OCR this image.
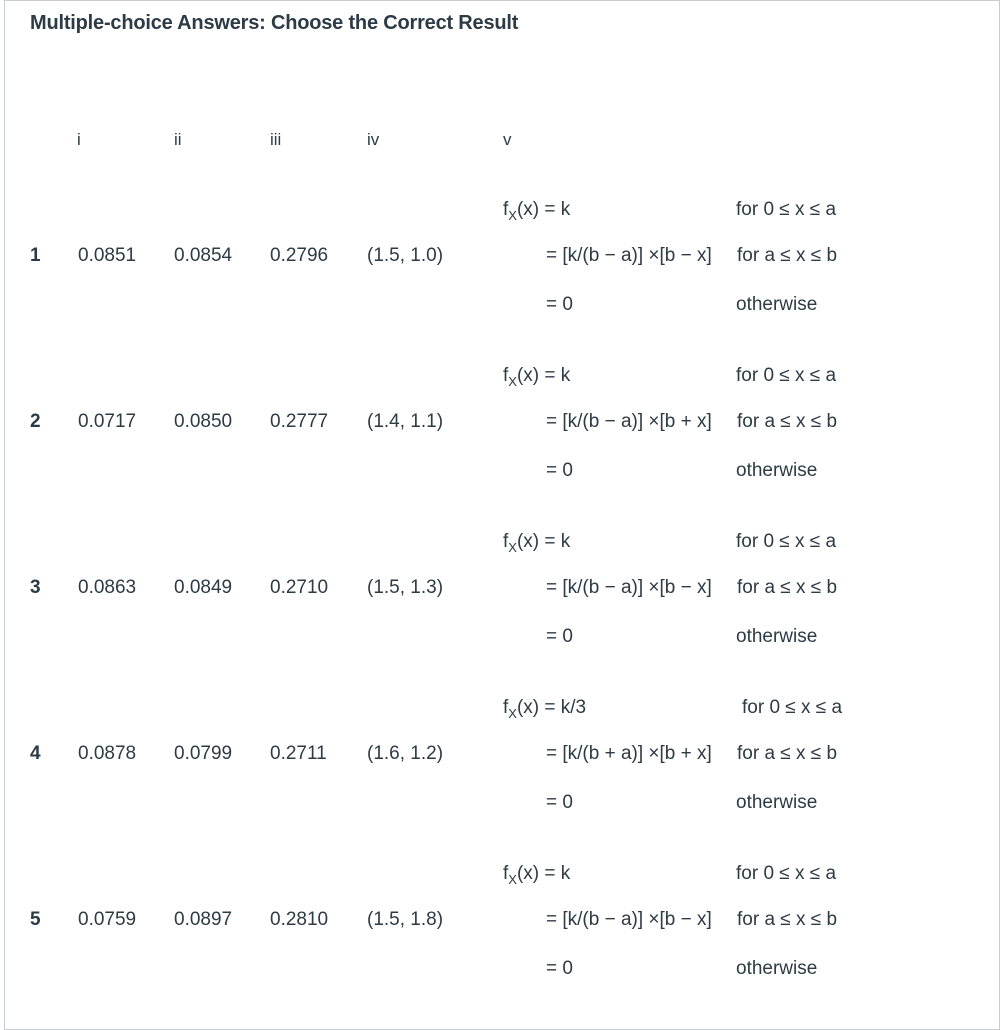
Multiple-choice Answers: Choose the Correct Result
i	ii	iii	iv	v
1 0.0851 0.0854 0.2796 (1.5, 1.0)
$f_X(x) = k$	for 0 ≤ x ≤ a
= [k/(b − a)] ×[b − x] for a ≤ x ≤ b
= 0	otherwise
2 0.0717 0.0850 0.2777 (1.4, 1.1)
$f_X(x) = k$	for 0 ≤ x ≤ a
= [k/(b − a)] ×[b + x] for a ≤ x ≤ b
= 0	otherwise
3 0.0863 0.0849 0.2710 (1.5, 1.3)
$f_X(x) = k$	for 0 ≤ x ≤ a
= [k/(b − a)] ×[b − x] for a ≤ x ≤ b
= 0	otherwise
4 0.0878 0.0799 0.2711 (1.6, 1.2)
$f_X(x) = k/3$	for 0 ≤ x ≤ a
= [k/(b + a)] ×[b + x] for a ≤ x ≤ b
= 0	otherwise
5 0.0759 0.0897 0.2810 (1.5, 1.8)
$f_X(x) = k$	for 0 ≤ x ≤ a
= [k/(b − a)] ×[b − x] for a ≤ x ≤ b
= 0	otherwise
